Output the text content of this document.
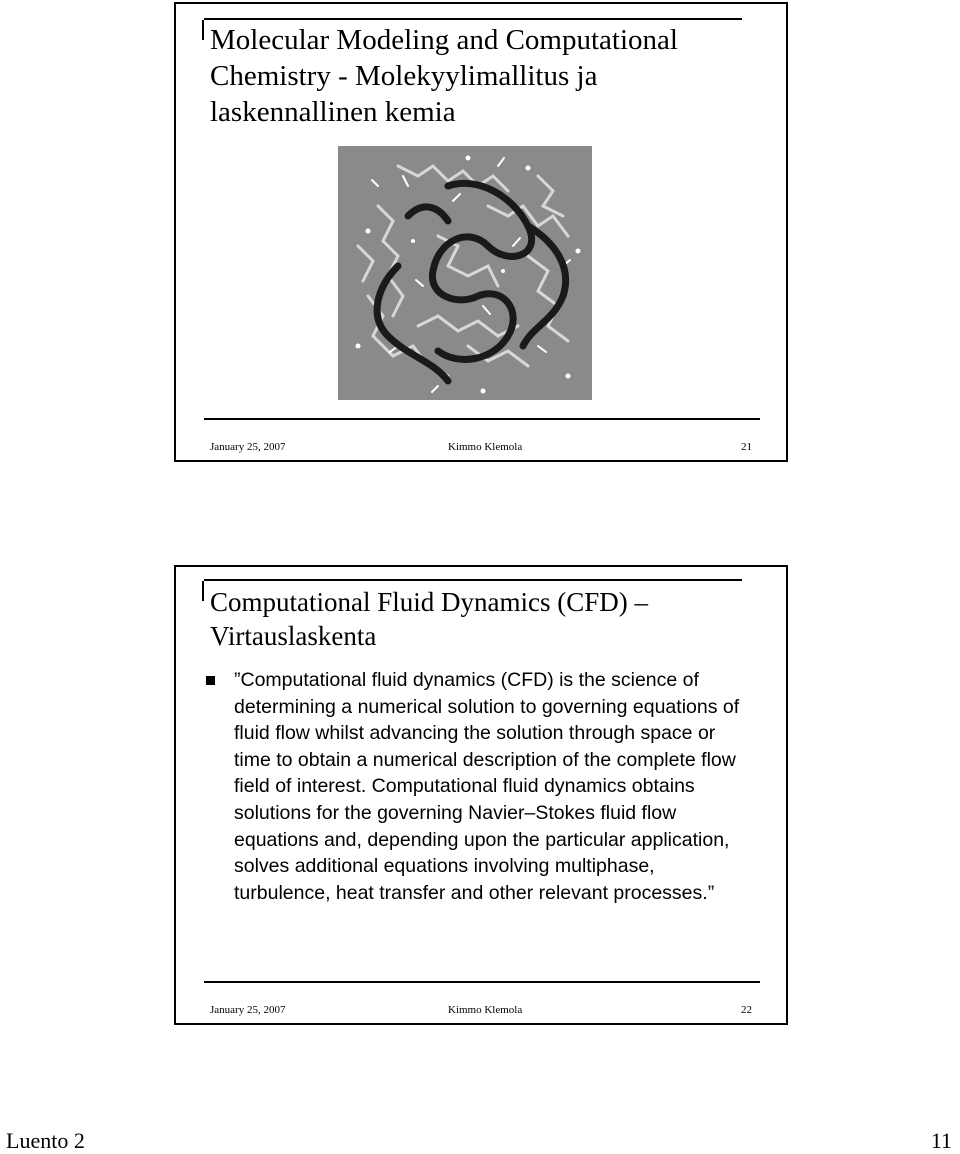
Molecular Modeling and Computational Chemistry - Molekyylimallitus ja laskennallinen kemia
January 25, 2007	Kimmo Klemola	21
Computational Fluid Dynamics (CFD) – Virtauslaskenta
”Computational fluid dynamics (CFD) is the science of determining a numerical solution to governing equations of fluid flow whilst advancing the solution through space or time to obtain a numerical description of the complete flow field of interest. Computational fluid dynamics obtains solutions for the governing Navier–Stokes fluid flow equations and, depending upon the particular application, solves additional equations involving multiphase, turbulence, heat transfer and other relevant processes.”
January 25, 2007	Kimmo Klemola	22
Luento 2	11
